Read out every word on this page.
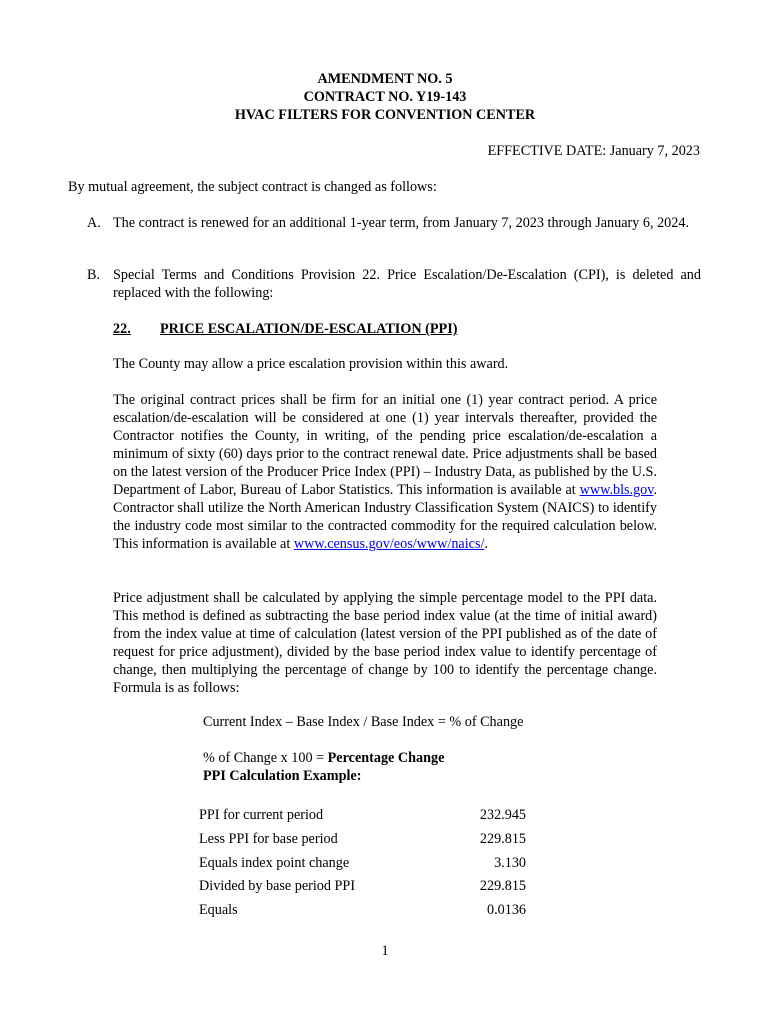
AMENDMENT NO. 5
CONTRACT NO. Y19-143
HVAC FILTERS FOR CONVENTION CENTER
EFFECTIVE DATE: January 7, 2023
By mutual agreement, the subject contract is changed as follows:
A. The contract is renewed for an additional 1-year term, from January 7, 2023 through January 6, 2024.
B. Special Terms and Conditions Provision 22. Price Escalation/De-Escalation (CPI), is deleted and replaced with the following:
22. PRICE ESCALATION/DE-ESCALATION (PPI)
The County may allow a price escalation provision within this award.
The original contract prices shall be firm for an initial one (1) year contract period. A price escalation/de-escalation will be considered at one (1) year intervals thereafter, provided the Contractor notifies the County, in writing, of the pending price escalation/de-escalation a minimum of sixty (60) days prior to the contract renewal date. Price adjustments shall be based on the latest version of the Producer Price Index (PPI) – Industry Data, as published by the U.S. Department of Labor, Bureau of Labor Statistics. This information is available at www.bls.gov. Contractor shall utilize the North American Industry Classification System (NAICS) to identify the industry code most similar to the contracted commodity for the required calculation below. This information is available at www.census.gov/eos/www/naics/.
Price adjustment shall be calculated by applying the simple percentage model to the PPI data. This method is defined as subtracting the base period index value (at the time of initial award) from the index value at time of calculation (latest version of the PPI published as of the date of request for price adjustment), divided by the base period index value to identify percentage of change, then multiplying the percentage of change by 100 to identify the percentage change. Formula is as follows:
Current Index – Base Index / Base Index = % of Change
% of Change x 100 = Percentage Change
PPI Calculation Example:
PPI for current period	232.945
Less PPI for base period	229.815
Equals index point change	3.130
Divided by base period PPI	229.815
Equals	0.0136
1
